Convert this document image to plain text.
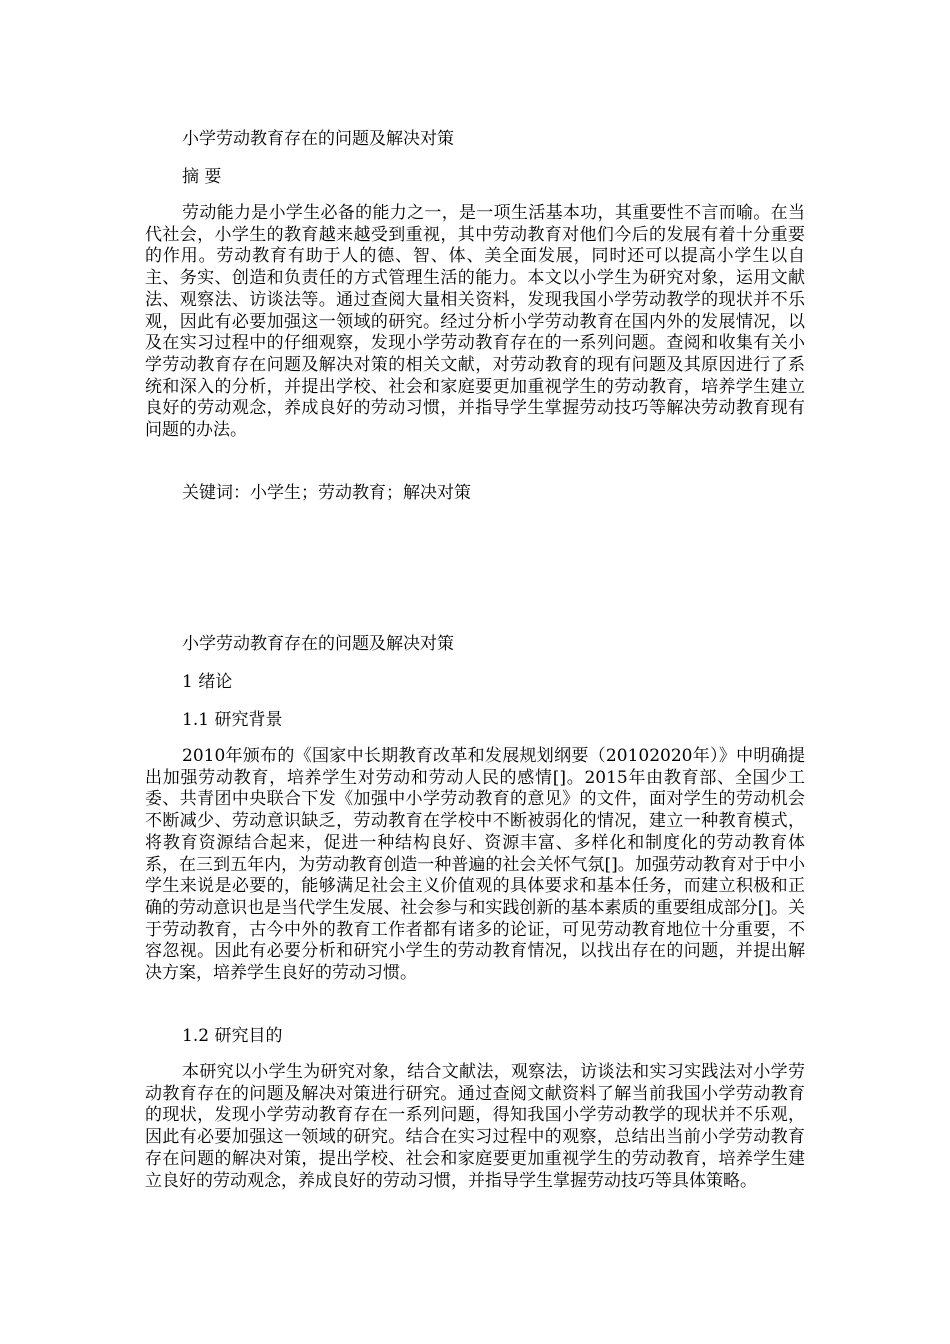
小学劳动教育存在的问题及解决对策
摘 要
劳动能力是小学生必备的能力之一，是一项生活基本功，其重要性不言而喻。在当代社会，小学生的教育越来越受到重视，其中劳动教育对他们今后的发展有着十分重要的作用。劳动教育有助于人的德、智、体、美全面发展，同时还可以提高小学生以自主、务实、创造和负责任的方式管理生活的能力。本文以小学生为研究对象，运用文献法、观察法、访谈法等。通过查阅大量相关资料，发现我国小学劳动教学的现状并不乐观，因此有必要加强这一领域的研究。经过分析小学劳动教育在国内外的发展情况，以及在实习过程中的仔细观察，发现小学劳动教育存在的一系列问题。查阅和收集有关小学劳动教育存在问题及解决对策的相关文献，对劳动教育的现有问题及其原因进行了系统和深入的分析，并提出学校、社会和家庭要更加重视学生的劳动教育，培养学生建立良好的劳动观念，养成良好的劳动习惯，并指导学生掌握劳动技巧等解决劳动教育现有问题的办法。
关键词：小学生；劳动教育；解决对策
小学劳动教育存在的问题及解决对策
1 绪论
1.1 研究背景
2010年颁布的《国家中长期教育改革和发展规划纲要（20102020年）》中明确提出加强劳动教育，培养学生对劳动和劳动人民的感情[]。2015年由教育部、全国少工委、共青团中央联合下发《加强中小学劳动教育的意见》的文件，面对学生的劳动机会不断减少、劳动意识缺乏，劳动教育在学校中不断被弱化的情况，建立一种教育模式，将教育资源结合起来，促进一种结构良好、资源丰富、多样化和制度化的劳动教育体系，在三到五年内，为劳动教育创造一种普遍的社会关怀气氛[]。加强劳动教育对于中小学生来说是必要的，能够满足社会主义价值观的具体要求和基本任务，而建立积极和正确的劳动意识也是当代学生发展、社会参与和实践创新的基本素质的重要组成部分[]。关于劳动教育，古今中外的教育工作者都有诸多的论证，可见劳动教育地位十分重要，不容忽视。因此有必要分析和研究小学生的劳动教育情况，以找出存在的问题，并提出解决方案，培养学生良好的劳动习惯。
1.2 研究目的
本研究以小学生为研究对象，结合文献法，观察法，访谈法和实习实践法对小学劳动教育存在的问题及解决对策进行研究。通过查阅文献资料了解当前我国小学劳动教育的现状，发现小学劳动教育存在一系列问题，得知我国小学劳动教学的现状并不乐观，因此有必要加强这一领域的研究。结合在实习过程中的观察，总结出当前小学劳动教育存在问题的解决对策，提出学校、社会和家庭要更加重视学生的劳动教育，培养学生建立良好的劳动观念，养成良好的劳动习惯，并指导学生掌握劳动技巧等具体策略。
